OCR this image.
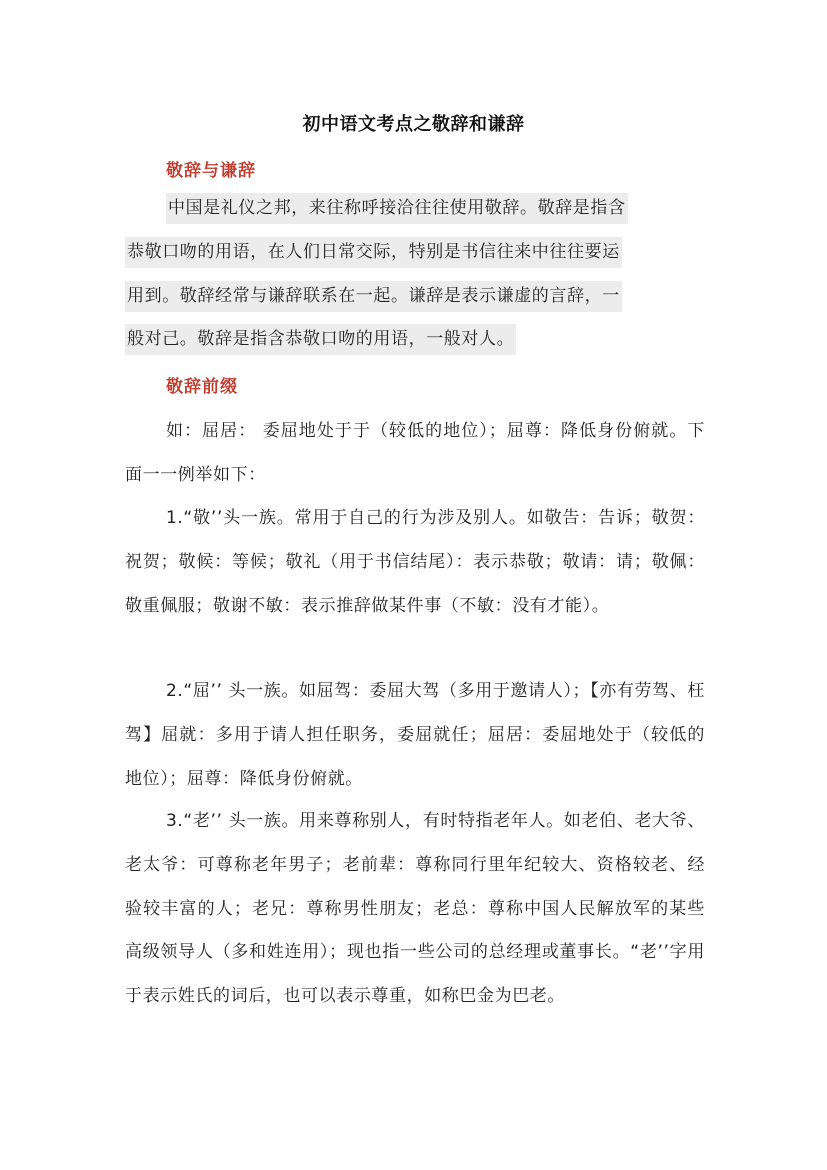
初中语文考点之敬辞和谦辞
敬辞与谦辞
中国是礼仪之邦，来往称呼接洽往往使用敬辞。敬辞是指含
恭敬口吻的用语，在人们日常交际，特别是书信往来中往往要运
用到。敬辞经常与谦辞联系在一起。谦辞是表示谦虚的言辞，一
般对己。敬辞是指含恭敬口吻的用语，一般对人。
敬辞前缀
如：屈居： 委屈地处于于（较低的地位）；屈尊：降低身份俯就。下面一一例举如下：
1.“敬’’头一族。常用于自己的行为涉及别人。如敬告：告诉；敬贺：祝贺；敬候：等候；敬礼（用于书信结尾）：表示恭敬；敬请：请；敬佩：敬重佩服；敬谢不敏：表示推辞做某件事（不敏：没有才能）。
2.“屈’’ 头一族。如屈驾：委屈大驾（多用于邀请人）；【亦有劳驾、枉驾】屈就：多用于请人担任职务，委屈就任；屈居：委屈地处于（较低的地位）；屈尊：降低身份俯就。
3.“老’’ 头一族。用来尊称别人，有时特指老年人。如老伯、老大爷、老太爷：可尊称老年男子；老前辈：尊称同行里年纪较大、资格较老、经验较丰富的人；老兄：尊称男性朋友；老总：尊称中国人民解放军的某些高级领导人（多和姓连用）；现也指一些公司的总经理或董事长。“老’’字用于表示姓氏的词后，也可以表示尊重，如称巴金为巴老。
